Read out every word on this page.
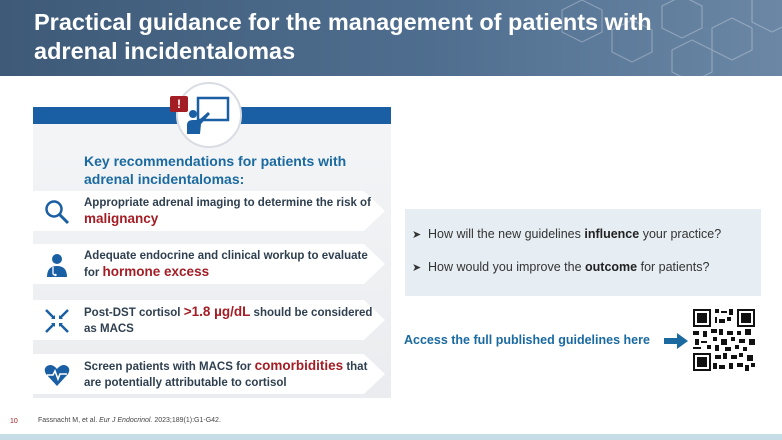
Practical guidance for the management of patients with adrenal incidentalomas
!
Key recommendations for patients with adrenal incidentalomas:
Appropriate adrenal imaging to determine the risk of malignancy
Adequate endocrine and clinical workup to evaluate for hormone excess
Post-DST cortisol >1.8 µg/dL should be considered as MACS
Screen patients with MACS for comorbidities that are potentially attributable to cortisol
➤ How will the new guidelines influence your practice?
➤ How would you improve the outcome for patients?
Access the full published guidelines here
10	Fassnacht M, et al. Eur J Endocrinol. 2023;189(1):G1-G42.
